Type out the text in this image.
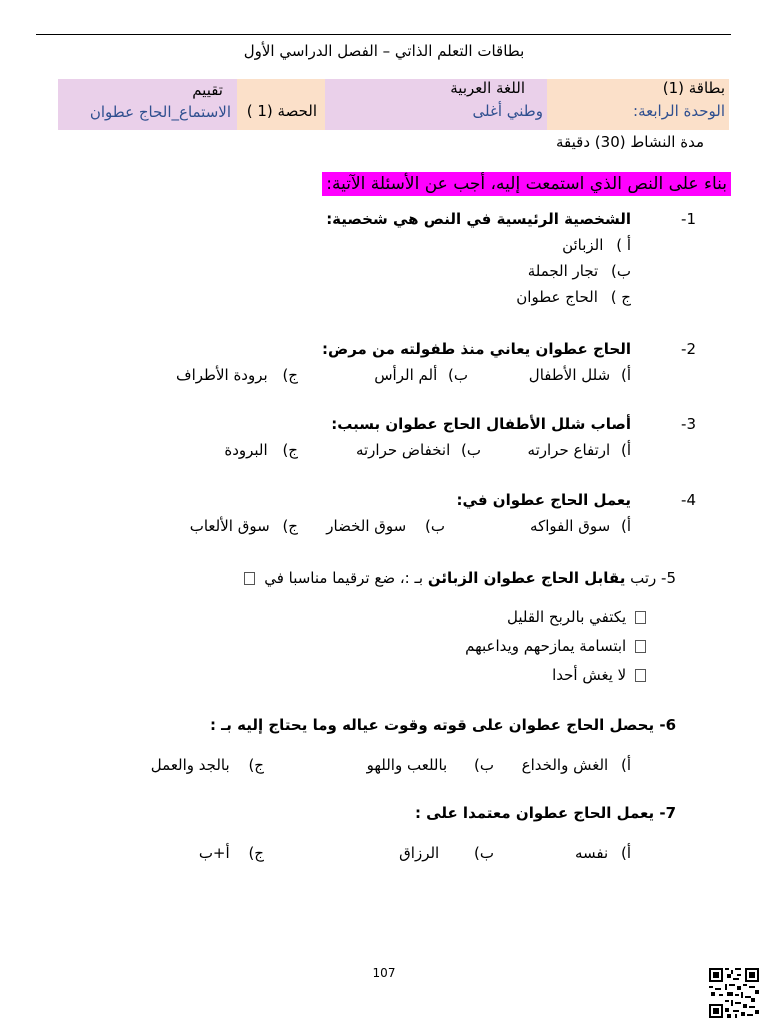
بطاقات التعلم الذاتي – الفصل الدراسي الأول
بطاقة (1)
الوحدة الرابعة:
اللغة العربية
وطني أغلى
الحصة (1 )
تقييم
الاستماع_الحاج عطوان
مدة النشاط (30) دقيقة
بناء على النص الذي استمعت إليه، أجب عن الأسئلة الآتية:
-1
الشخصية الرئيسية في النص هي شخصية:
أ ) الزبائن
ب) تجار الجملة
ج ) الحاج عطوان
-2
الحاج عطوان يعاني منذ طفولته من مرض:
أ) شلل الأطفال
ب) ألم الرأس
ج) برودة الأطراف
-3
أصاب شلل الأطفال الحاج عطوان بسبب:
أ) ارتفاع حرارته
ب) انخفاض حرارته
ج) البرودة
-4
يعمل الحاج عطوان في:
أ) سوق الفواكه
ب) سوق الخضار
ج) سوق الألعاب
5- رتب يقابل الحاج عطوان الزبائن بـ :، ضع ترقيما مناسبا في
يكتفي بالربح القليل
ابتسامة يمازحهم ويداعبهم
لا يغش أحدا
6- يحصل الحاج عطوان على قوته وقوت عياله وما يحتاج إليه بـ :
أ) الغش والخداع
ب) باللعب واللهو
ج) بالجد والعمل
7- يعمل الحاج عطوان معتمدا على :
أ) نفسه
ب) الرزاق
ج) أ+ب
107
